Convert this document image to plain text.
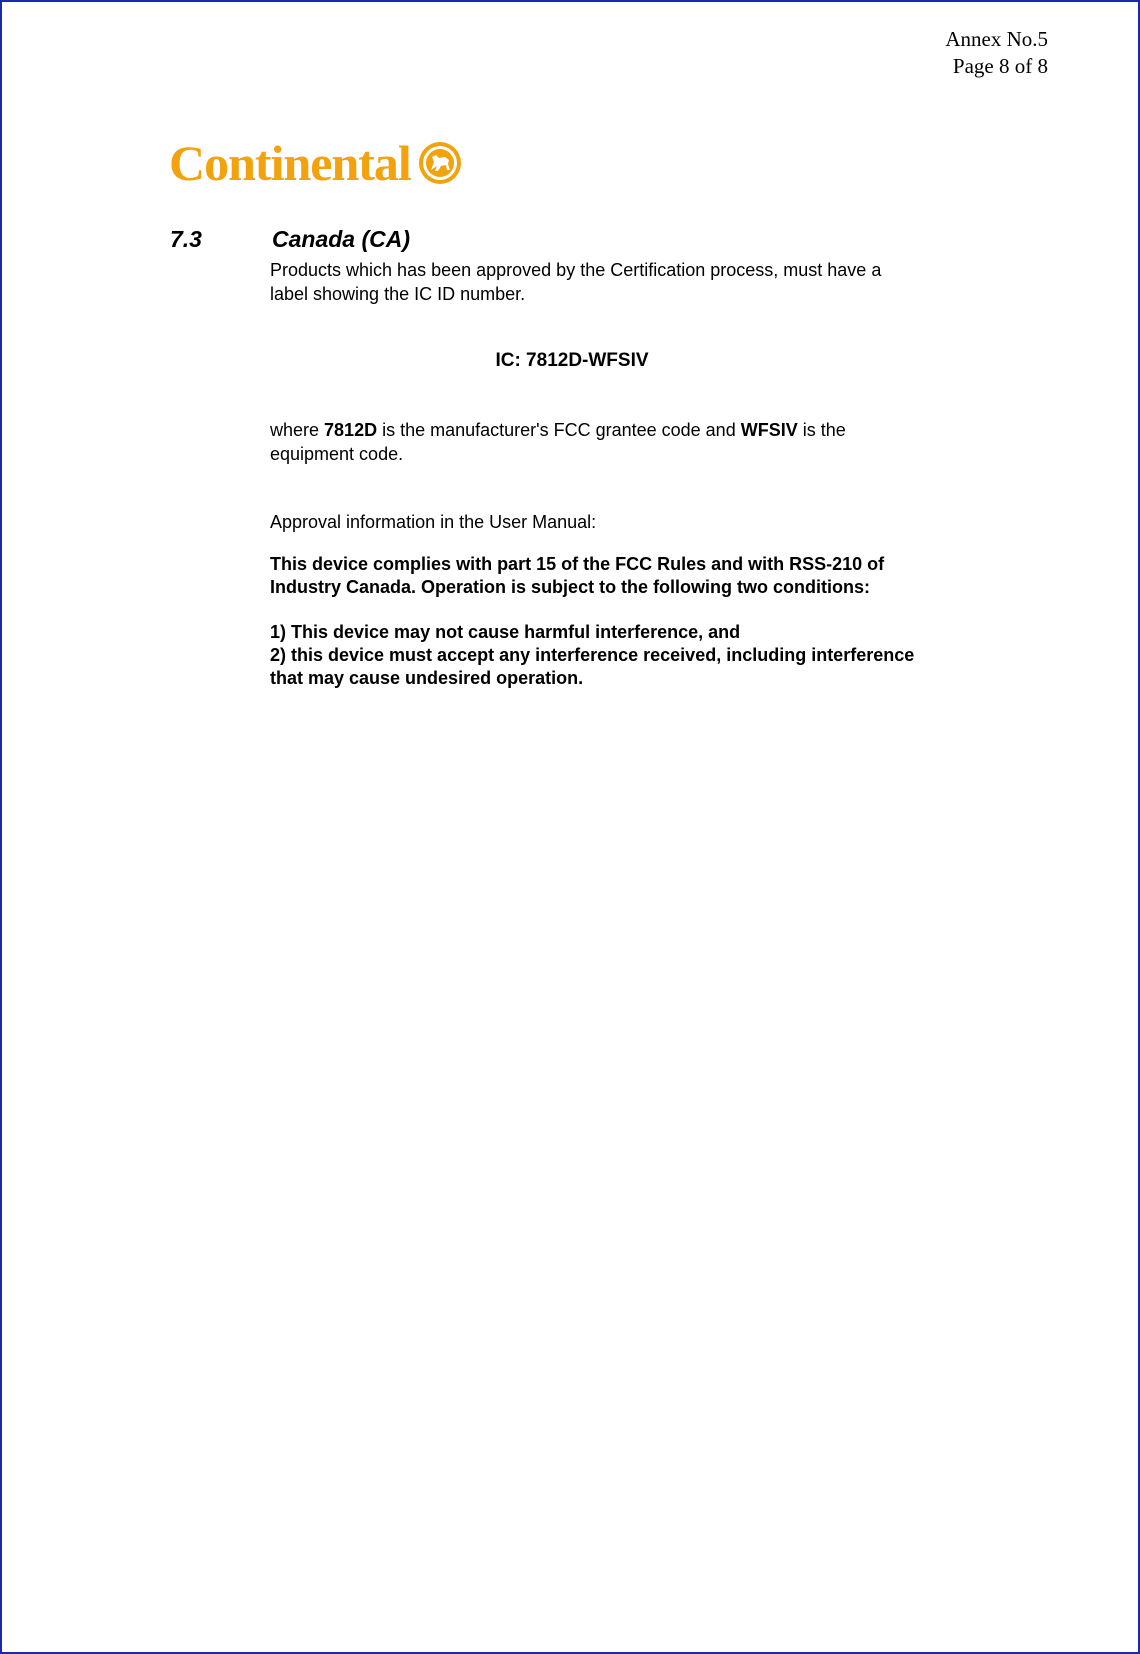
Annex No.5
Page 8 of 8
Continental
7.3	Canada (CA)
Products which has been approved by the Certification process, must have a
label showing the IC ID number.
IC: 7812D-WFSIV
where 7812D is the manufacturer's FCC grantee code and WFSIV is the
equipment code.
Approval information in the User Manual:
This device complies with part 15 of the FCC Rules and with RSS-210 of
Industry Canada. Operation is subject to the following two conditions:
1) This device may not cause harmful interference, and
2) this device must accept any interference received, including interference
that may cause undesired operation.
